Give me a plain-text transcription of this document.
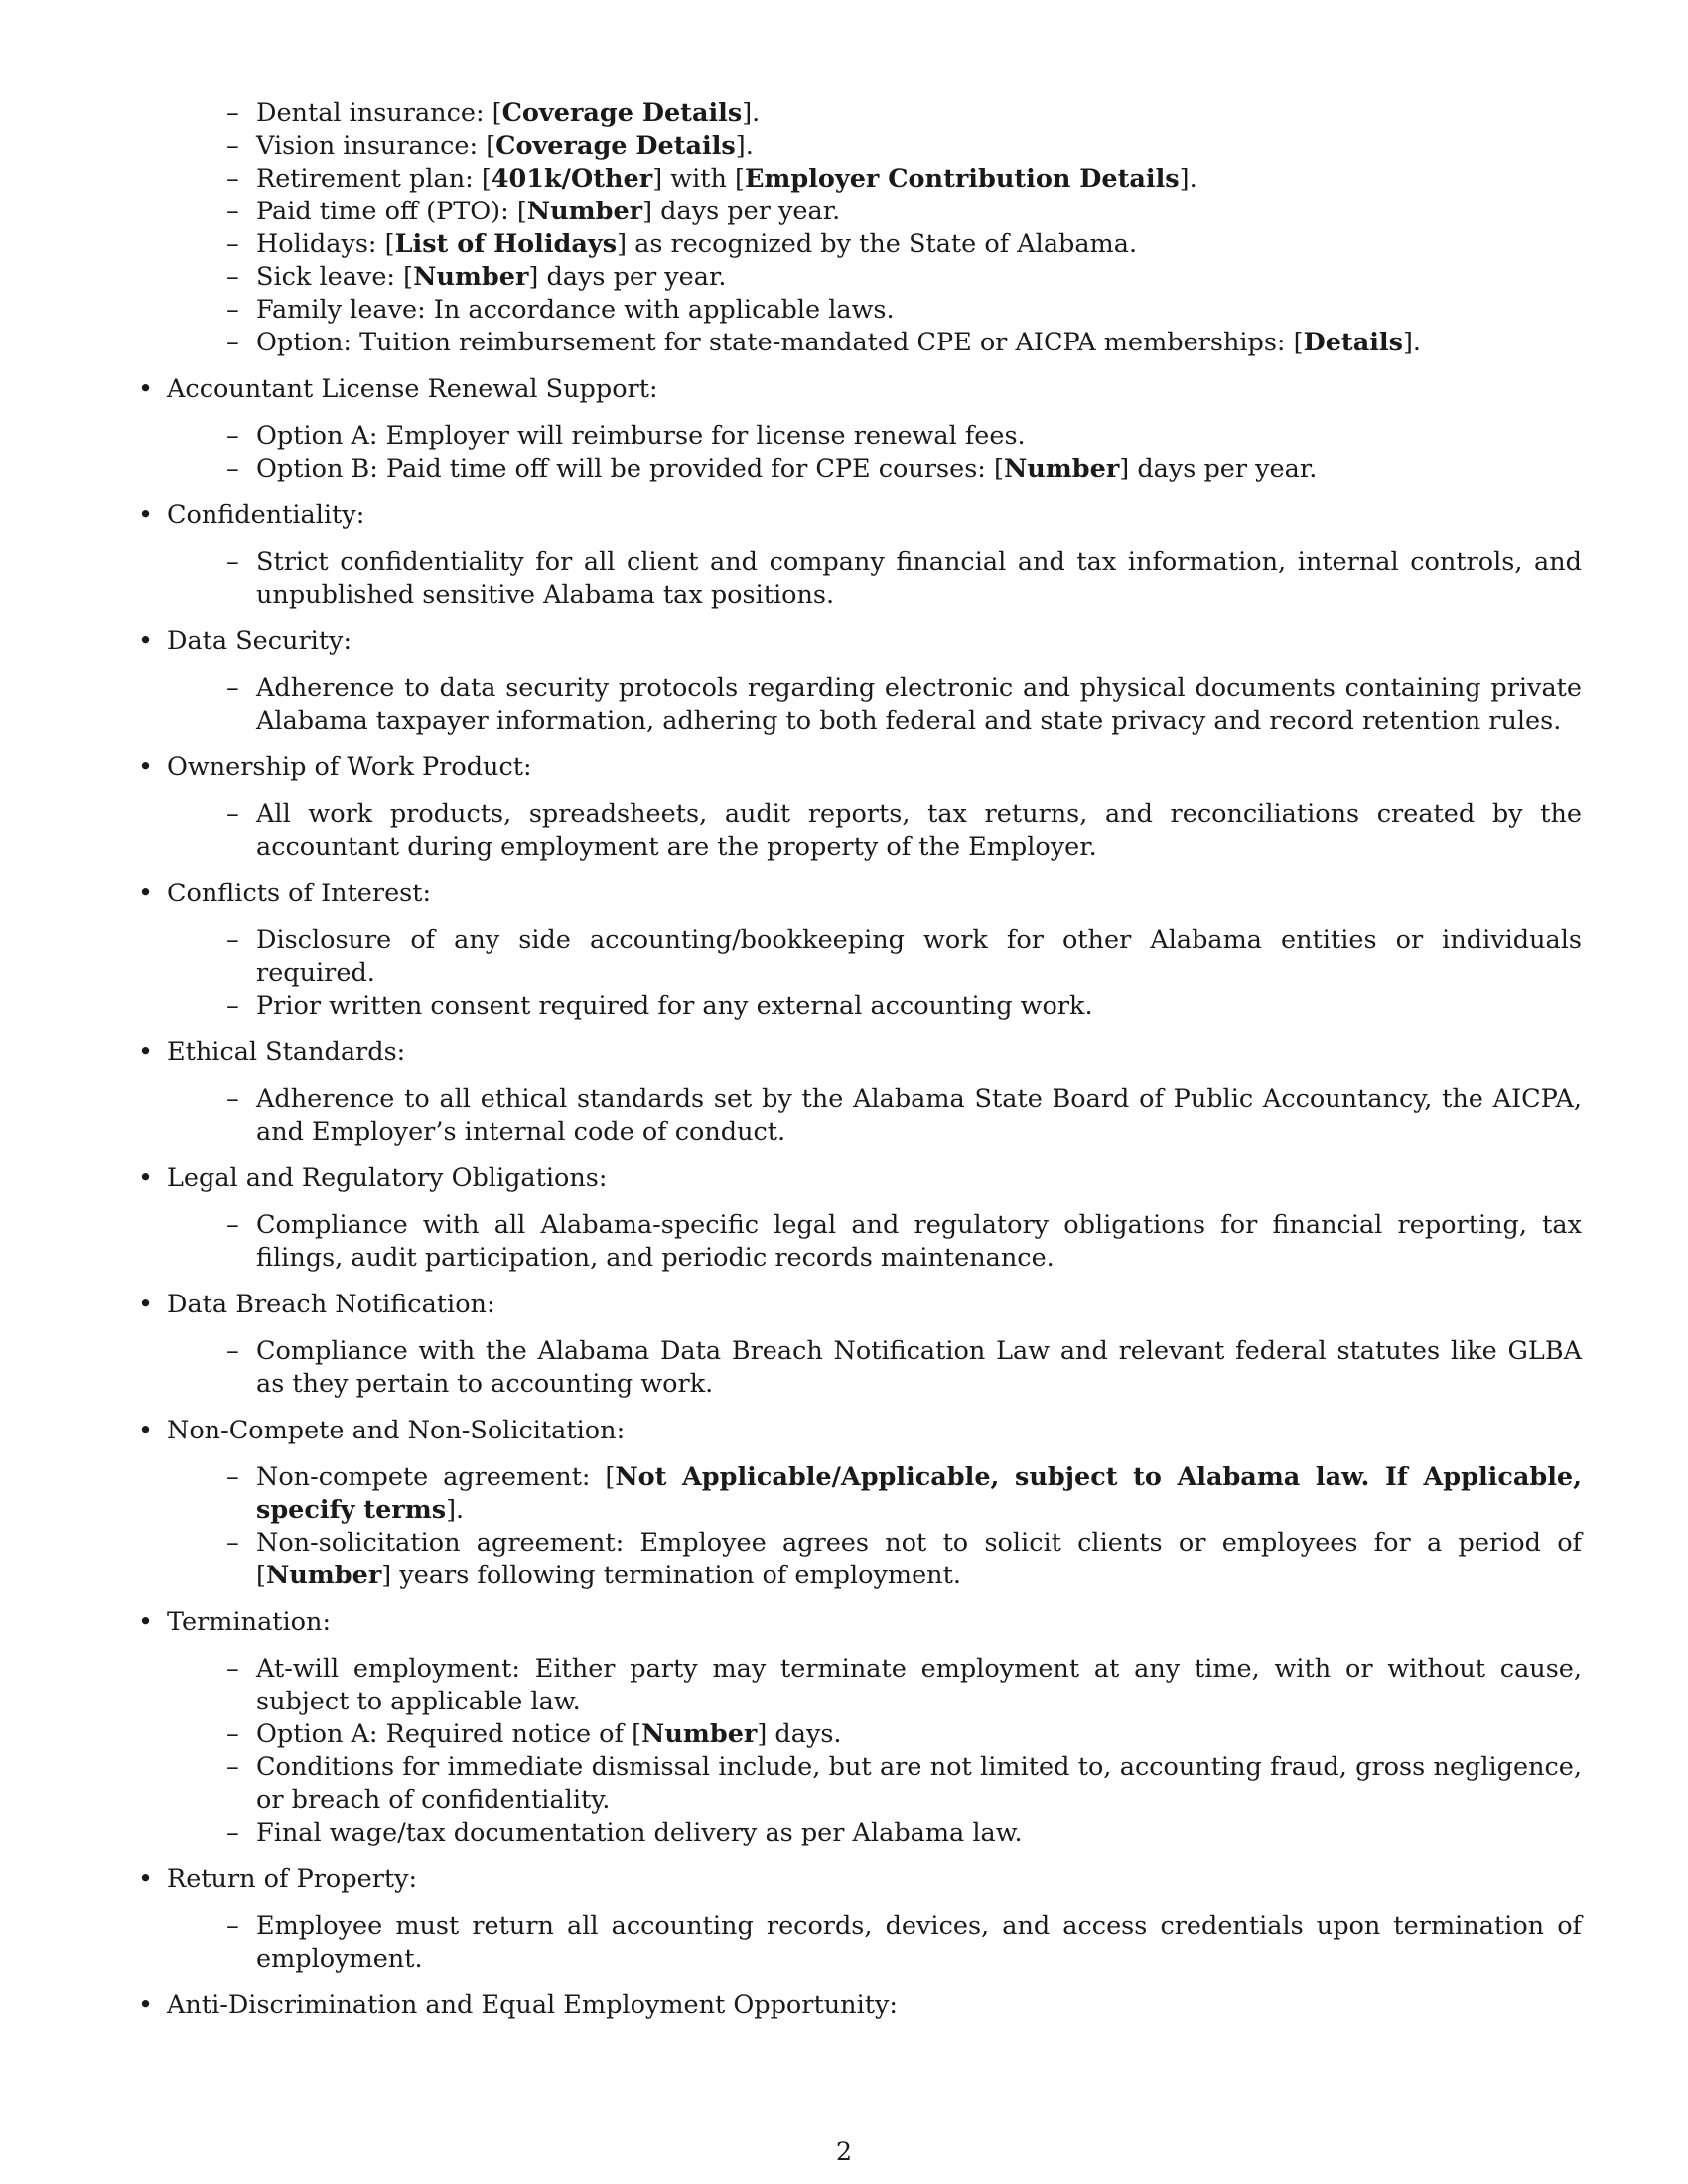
– Dental insurance: [Coverage Details].
– Vision insurance: [Coverage Details].
– Retirement plan: [401k/Other] with [Employer Contribution Details].
– Paid time off (PTO): [Number] days per year.
– Holidays: [List of Holidays] as recognized by the State of Alabama.
– Sick leave: [Number] days per year.
– Family leave: In accordance with applicable laws.
– Option: Tuition reimbursement for state-mandated CPE or AICPA memberships: [Details].
• Accountant License Renewal Support:
– Option A: Employer will reimburse for license renewal fees.
– Option B: Paid time off will be provided for CPE courses: [Number] days per year.
• Confidentiality:
– Strict confidentiality for all client and company financial and tax information, internal controls, and unpublished sensitive Alabama tax positions.
• Data Security:
– Adherence to data security protocols regarding electronic and physical documents containing private Alabama taxpayer information, adhering to both federal and state privacy and record retention rules.
• Ownership of Work Product:
– All work products, spreadsheets, audit reports, tax returns, and reconciliations created by the accountant during employment are the property of the Employer.
• Conflicts of Interest:
– Disclosure of any side accounting/bookkeeping work for other Alabama entities or individuals required.
– Prior written consent required for any external accounting work.
• Ethical Standards:
– Adherence to all ethical standards set by the Alabama State Board of Public Accountancy, the AICPA, and Employer’s internal code of conduct.
• Legal and Regulatory Obligations:
– Compliance with all Alabama-specific legal and regulatory obligations for financial reporting, tax filings, audit participation, and periodic records maintenance.
• Data Breach Notification:
– Compliance with the Alabama Data Breach Notification Law and relevant federal statutes like GLBA as they pertain to accounting work.
• Non-Compete and Non-Solicitation:
– Non-compete agreement: [Not Applicable/Applicable, subject to Alabama law. If Applicable, specify terms].
– Non-solicitation agreement: Employee agrees not to solicit clients or employees for a period of [Number] years following termination of employment.
• Termination:
– At-will employment: Either party may terminate employment at any time, with or without cause, subject to applicable law.
– Option A: Required notice of [Number] days.
– Conditions for immediate dismissal include, but are not limited to, accounting fraud, gross negligence, or breach of confidentiality.
– Final wage/tax documentation delivery as per Alabama law.
• Return of Property:
– Employee must return all accounting records, devices, and access credentials upon termination of employment.
• Anti-Discrimination and Equal Employment Opportunity:
2
